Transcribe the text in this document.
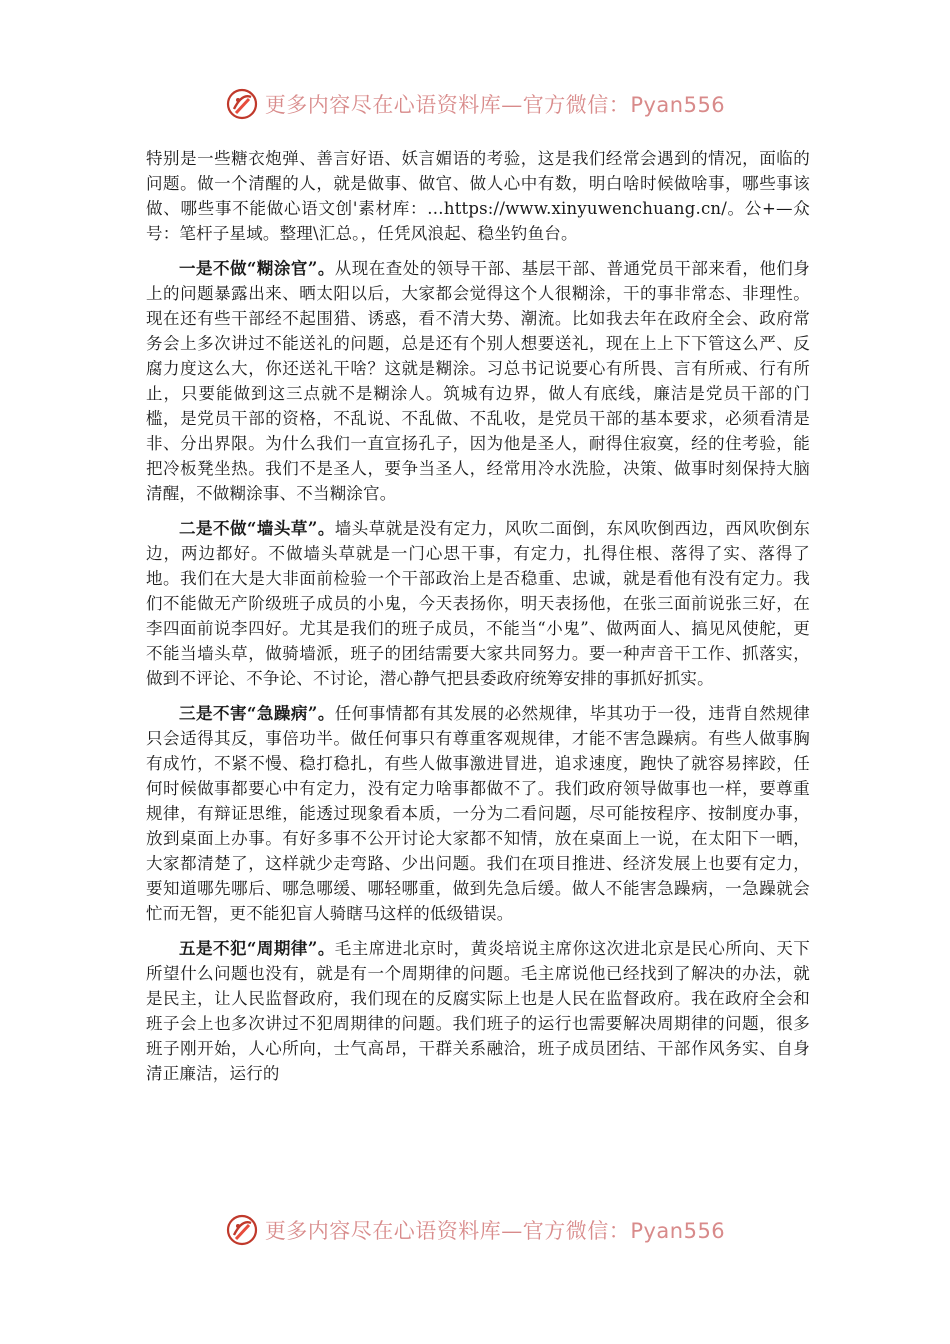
更多内容尽在心语资料库—官方微信：Pyan556

特别是一些糖衣炮弹、善言好语、妖言媚语的考验，这是我们经常会遇到的情况，面临的问题。做一个清醒的人，就是做事、做官、做人心中有数，明白啥时候做啥事，哪些事该做、哪些事不能做心语文创'素材库：…https://www.xinyuwenchuang.cn/。公+—众号：笔杆子星域。整理\汇总。，任凭风浪起、稳坐钓鱼台。

一是不做“糊涂官”。从现在查处的领导干部、基层干部、普通党员干部来看，他们身上的问题暴露出来、晒太阳以后，大家都会觉得这个人很糊涂，干的事非常态、非理性。现在还有些干部经不起围猎、诱惑，看不清大势、潮流。比如我去年在政府全会、政府常务会上多次讲过不能送礼的问题，总是还有个别人想要送礼，现在上上下下管这么严、反腐力度这么大，你还送礼干啥？这就是糊涂。习总书记说要心有所畏、言有所戒、行有所止，只要能做到这三点就不是糊涂人。筑城有边界，做人有底线，廉洁是党员干部的门槛，是党员干部的资格，不乱说、不乱做、不乱收，是党员干部的基本要求，必须看清是非、分出界限。为什么我们一直宣扬孔子，因为他是圣人，耐得住寂寞，经的住考验，能把冷板凳坐热。我们不是圣人，要争当圣人，经常用冷水洗脸，决策、做事时刻保持大脑清醒，不做糊涂事、不当糊涂官。

二是不做“墙头草”。墙头草就是没有定力，风吹二面倒，东风吹倒西边，西风吹倒东边，两边都好。不做墙头草就是一门心思干事，有定力，扎得住根、落得了实、落得了地。我们在大是大非面前检验一个干部政治上是否稳重、忠诚，就是看他有没有定力。我们不能做无产阶级班子成员的小鬼，今天表扬你，明天表扬他，在张三面前说张三好，在李四面前说李四好。尤其是我们的班子成员，不能当“小鬼”、做两面人、搞见风使舵，更不能当墙头草，做骑墙派，班子的团结需要大家共同努力。要一种声音干工作、抓落实，做到不评论、不争论、不讨论，潜心静气把县委政府统筹安排的事抓好抓实。

三是不害“急躁病”。任何事情都有其发展的必然规律，毕其功于一役，违背自然规律只会适得其反，事倍功半。做任何事只有尊重客观规律，才能不害急躁病。有些人做事胸有成竹，不紧不慢、稳打稳扎，有些人做事激进冒进，追求速度，跑快了就容易摔跤，任何时候做事都要心中有定力，没有定力啥事都做不了。我们政府领导做事也一样，要尊重规律，有辩证思维，能透过现象看本质，一分为二看问题，尽可能按程序、按制度办事，放到桌面上办事。有好多事不公开讨论大家都不知情，放在桌面上一说，在太阳下一晒，大家都清楚了，这样就少走弯路、少出问题。我们在项目推进、经济发展上也要有定力，要知道哪先哪后、哪急哪缓、哪轻哪重，做到先急后缓。做人不能害急躁病，一急躁就会忙而无智，更不能犯盲人骑瞎马这样的低级错误。

五是不犯“周期律”。毛主席进北京时，黄炎培说主席你这次进北京是民心所向、天下所望什么问题也没有，就是有一个周期律的问题。毛主席说他已经找到了解决的办法，就是民主，让人民监督政府，我们现在的反腐实际上也是人民在监督政府。我在政府全会和班子会上也多次讲过不犯周期律的问题。我们班子的运行也需要解决周期律的问题，很多班子刚开始，人心所向，士气高昂，干群关系融洽，班子成员团结、干部作风务实、自身清正廉洁，运行的

更多内容尽在心语资料库—官方微信：Pyan556
